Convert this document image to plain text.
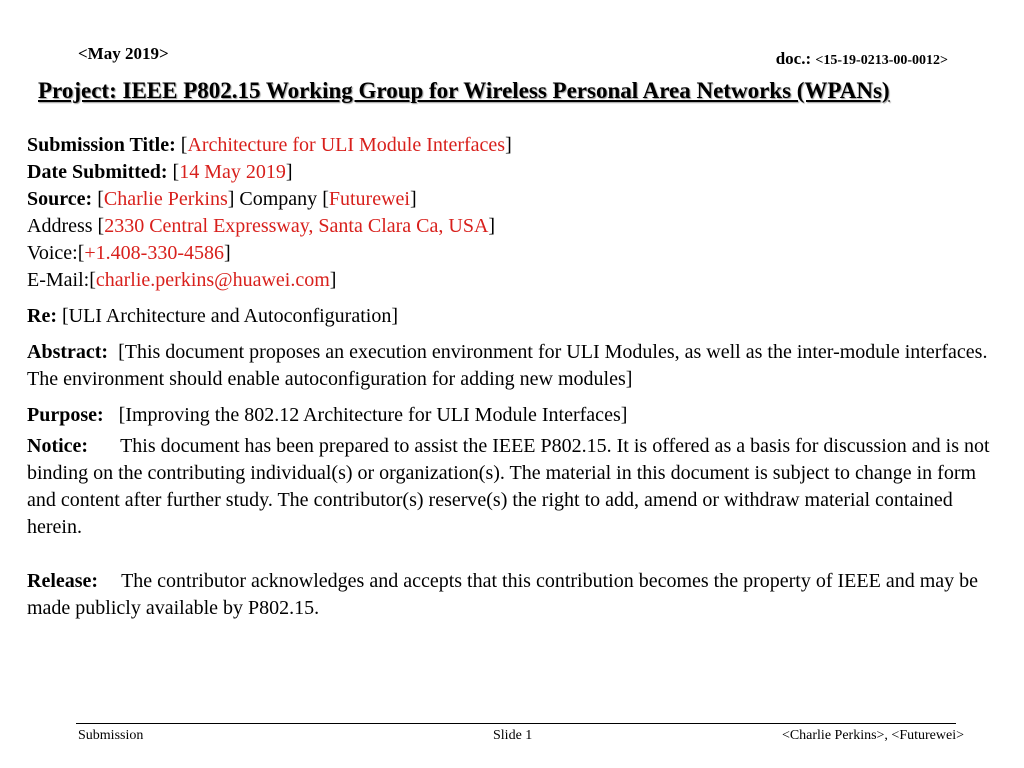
<May 2019>	doc.: <15-19-0213-00-0012>
Project: IEEE P802.15 Working Group for Wireless Personal Area Networks (WPANs)

Submission Title: [Architecture for ULI Module Interfaces]

Date Submitted: [14 May 2019]

Source: [Charlie Perkins] Company [Futurewei]

Address [2330 Central Expressway, Santa Clara Ca, USA]

Voice:[+1.408-330-4586]

E-Mail:[charlie.perkins@huawei.com]

Re: [ULI Architecture and Autoconfiguration]

Abstract: [This document proposes an execution environment for ULI Modules, as well as the inter-module interfaces. The environment should enable autoconfiguration for adding new modules]

Purpose: [Improving the 802.12 Architecture for ULI Module Interfaces]

Notice: This document has been prepared to assist the IEEE P802.15. It is offered as a basis for discussion and is not binding on the contributing individual(s) or organization(s). The material in this document is subject to change in form and content after further study. The contributor(s) reserve(s) the right to add, amend or withdraw material contained herein.

Release: The contributor acknowledges and accepts that this contribution becomes the property of IEEE and may be made publicly available by P802.15.

Submission	Slide 1	<Charlie Perkins>, <Futurewei>
